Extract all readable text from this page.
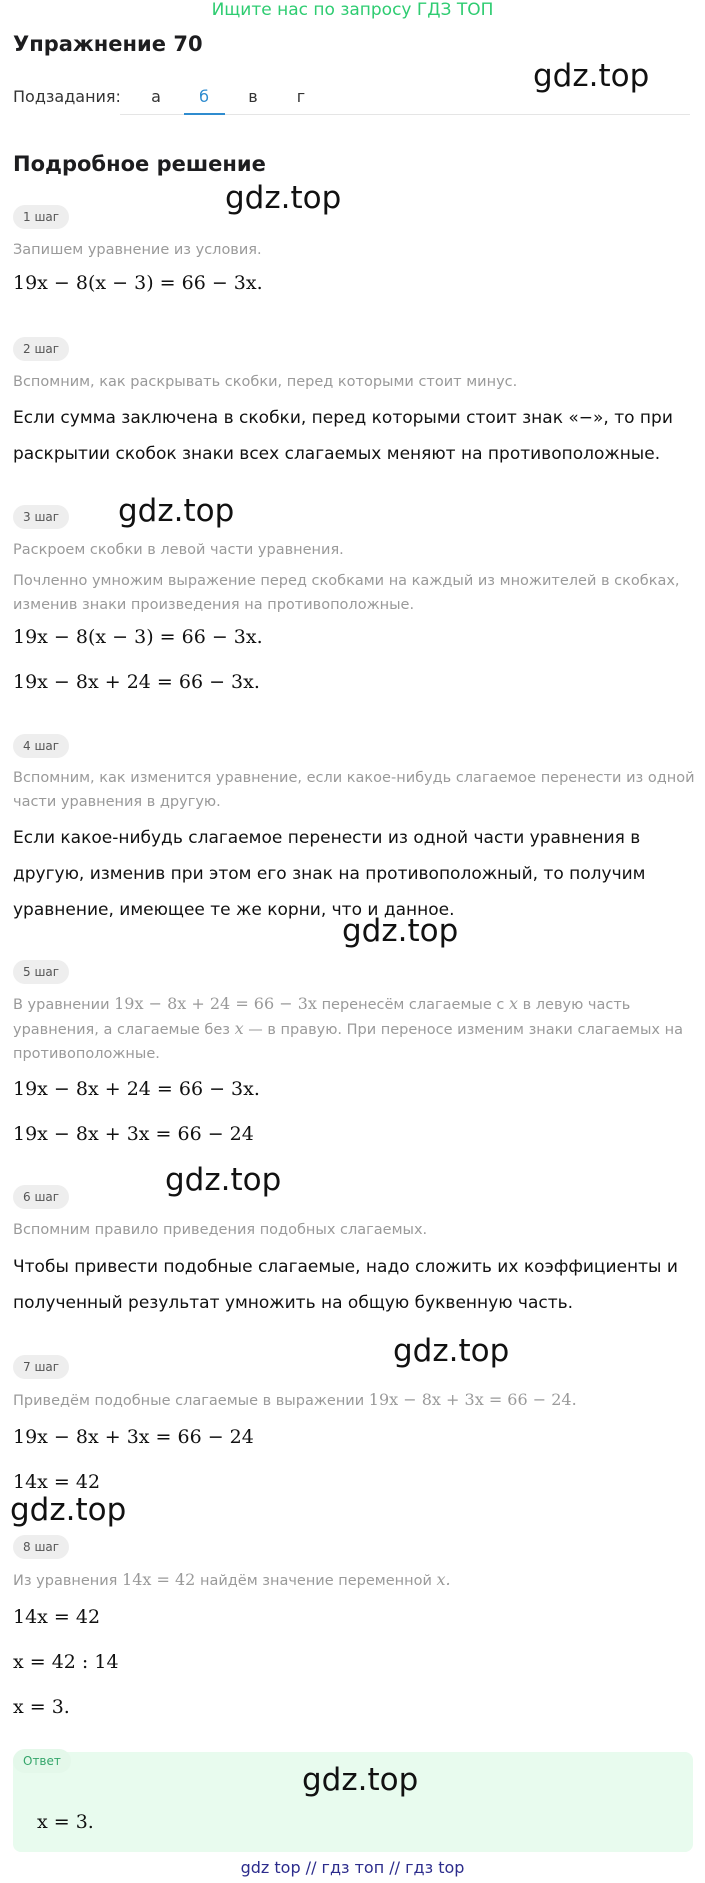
Ищите нас по запросу ГДЗ ТОП
Упражнение 70
Подзадания:	а	б	в	г
gdz.top
Подробное решение
gdz.top
1 шаг
Запишем уравнение из условия.
19x − 8(x − 3) = 66 − 3x.
2 шаг
Вспомним, как раскрывать скобки, перед которыми стоит минус.
Если сумма заключена в скобки, перед которыми стоит знак «−», то при раскрытии скобок знаки всех слагаемых меняют на противоположные.
3 шаг	gdz.top
Раскроем скобки в левой части уравнения.
Почленно умножим выражение перед скобками на каждый из множителей в скобках, изменив знаки произведения на противоположные.
19x − 8(x − 3) = 66 − 3x.
19x − 8x + 24 = 66 − 3x.
4 шаг
Вспомним, как изменится уравнение, если какое-нибудь слагаемое перенести из одной части уравнения в другую.
Если какое-нибудь слагаемое перенести из одной части уравнения в другую, изменив при этом его знак на противоположный, то получим уравнение, имеющее те же корни, что и данное.
gdz.top
5 шаг
В уравнении 19x − 8x + 24 = 66 − 3x перенесём слагаемые с x в левую часть уравнения, а слагаемые без x — в правую. При переносе изменим знаки слагаемых на противоположные.
19x − 8x + 24 = 66 − 3x.
19x − 8x + 3x = 66 − 24
gdz.top
6 шаг
Вспомним правило приведения подобных слагаемых.
Чтобы привести подобные слагаемые, надо сложить их коэффициенты и полученный результат умножить на общую буквенную часть.
gdz.top
7 шаг
Приведём подобные слагаемые в выражении 19x − 8x + 3x = 66 − 24.
19x − 8x + 3x = 66 − 24
14x = 42
gdz.top
8 шаг
Из уравнения 14x = 42 найдём значение переменной x.
14x = 42
x = 42 : 14
x = 3.
Ответ
gdz.top
x = 3.
gdz top // гдз топ // гдз top
